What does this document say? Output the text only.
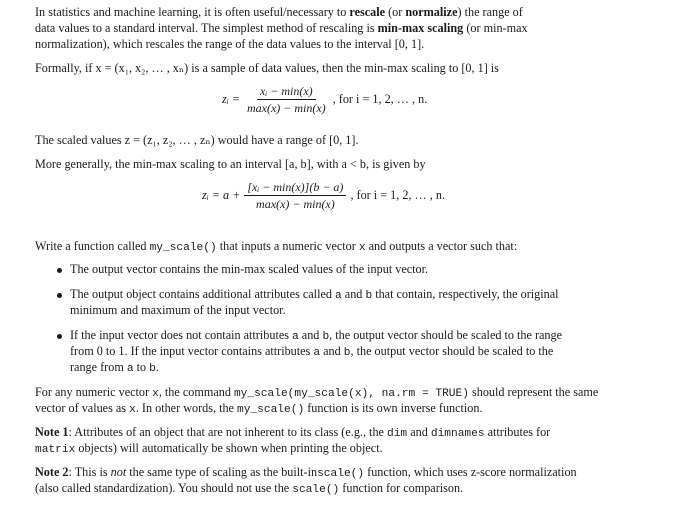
In statistics and machine learning, it is often useful/necessary to rescale (or normalize) the range of
data values to a standard interval. The simplest method of rescaling is min-max scaling (or min-max
normalization), which rescales the range of the data values to the interval [0, 1].
Formally, if x = (x₁, x₂, … , xₙ) is a sample of data values, then the min-max scaling to [0, 1] is
zᵢ = $\frac{\text{xᵢ − min(x)}}{\max(x) - \min(x)}$ , for i = 1, 2, … , n.
The scaled values z = (z₁, z₂, … , zₙ) would have a range of [0, 1].
More generally, the min-max scaling to an interval [a, b], with a < b, is given by
zᵢ = $a + \frac{\text{[xᵢ − min(x)](b − a)}}{\max(x) - \min(x)}$ , for i = 1, 2, … , n.
Write a function called my_scale() that inputs a numeric vector x and outputs a vector such that:
The output vector contains the min-max scaled values of the input vector.
The output object contains additional attributes called a and b that contain, respectively, the original
minimum and maximum of the input vector.
If the input vector does not contain attributes a and b, the output vector should be scaled to the range
from 0 to 1. If the input vector contains attributes a and b, the output vector should be scaled to the
range from a to b.
For any numeric vector x, the command my_scale(my_scale(x), na.rm = TRUE) should represent the same
vector of values as x. In other words, the my_scale() function is its own inverse function.
Note 1: Attributes of an object that are not inherent to its class (e.g., the dim and dimnames attributes for
matrix objects) will automatically be shown when printing the object.
Note 2: This is not the same type of scaling as the built-inscale() function, which uses z-score normalization
(also called standardization). You should not use the scale() function for comparison.
